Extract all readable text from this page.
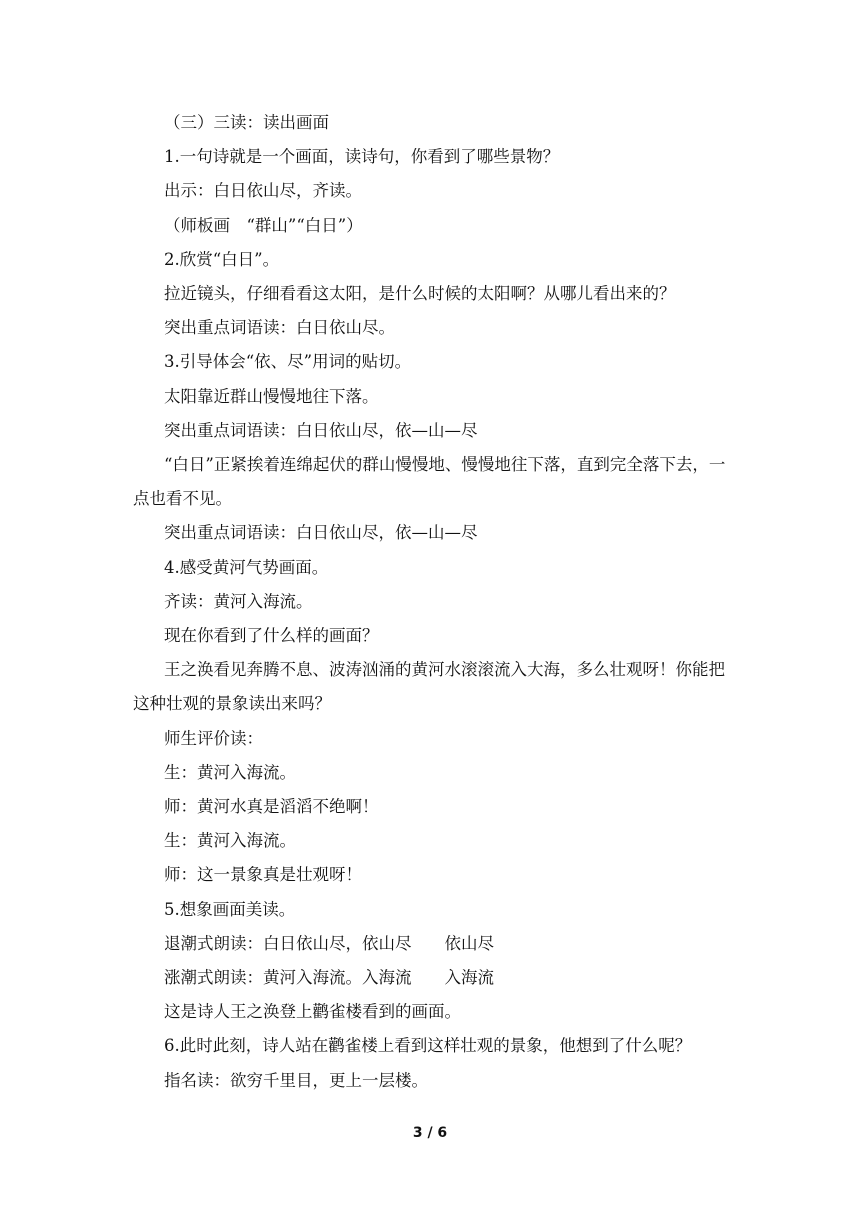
（三）三读：读出画面

1.一句诗就是一个画面，读诗句，你看到了哪些景物？

出示：白日依山尽，齐读。

（师板画　“群山”“白日”）

2.欣赏“白日”。

拉近镜头，仔细看看这太阳，是什么时候的太阳啊？从哪儿看出来的？

突出重点词语读：白日依山尽。

3.引导体会“依、尽”用词的贴切。

太阳靠近群山慢慢地往下落。

突出重点词语读：白日依山尽，依—山—尽

“白日”正紧挨着连绵起伏的群山慢慢地、慢慢地往下落，直到完全落下去，一点也看不见。

突出重点词语读：白日依山尽，依—山—尽

4.感受黄河气势画面。

齐读：黄河入海流。

现在你看到了什么样的画面？

王之涣看见奔腾不息、波涛汹涌的黄河水滚滚流入大海，多么壮观呀！你能把这种壮观的景象读出来吗？

师生评价读：

生：黄河入海流。

师：黄河水真是滔滔不绝啊！

生：黄河入海流。

师：这一景象真是壮观呀！

5.想象画面美读。

退潮式朗读：白日依山尽，依山尽　　依山尽

涨潮式朗读：黄河入海流。入海流　　入海流

这是诗人王之涣登上鹳雀楼看到的画面。

6.此时此刻，诗人站在鹳雀楼上看到这样壮观的景象，他想到了什么呢？

指名读：欲穷千里目，更上一层楼。

3 / 6
